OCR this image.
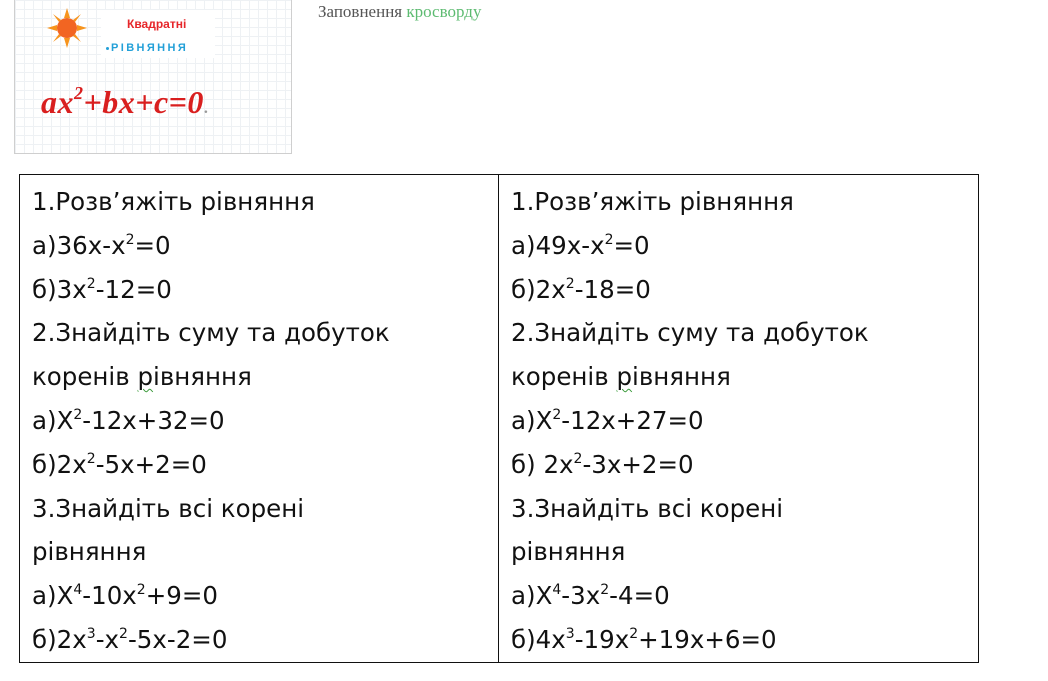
Квадратні
РІВНЯННЯ
$ax^2+bx+c=0$.
Заповнення кросворду
1.Розв’яжіть рівняння
$а)36х-х^2=0$
$б)3х^2-12=0$
2.Знайдіть суму та добуток
коренів рівняння
$а)Х^2-12х+32=0$
$б)2х^2-5х+2=0$
3.Знайдіть всі корені
рівняння
$а)Х^4-10х^2+9=0$
$б)2х^3-х^2-5х-2=0$

1.Розв’яжіть рівняння
$а)49х-х^2=0$
$б)2х^2-18=0$
2.Знайдіть суму та добуток
коренів рівняння
$а)Х^2-12х+27=0$
б) $2х^2-3х+2=0$
3.Знайдіть всі корені
рівняння
$а)Х^4-3х^2-4=0$
$б)4х^3-19х^2+19х+6=0$
